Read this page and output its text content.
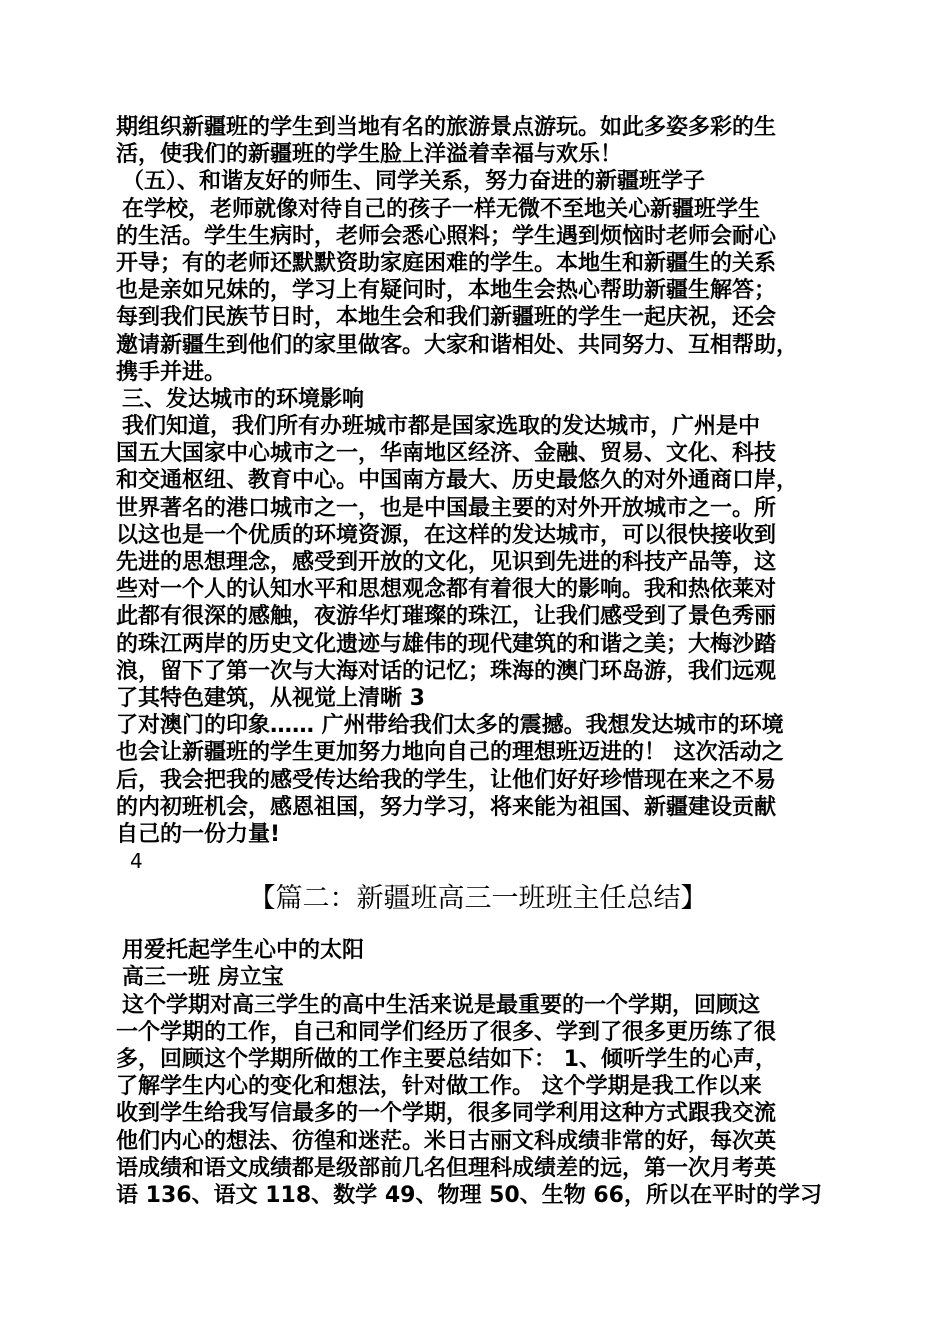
期组织新疆班的学生到当地有名的旅游景点游玩。如此多姿多彩的生
活，使我们的新疆班的学生脸上洋溢着幸福与欢乐！
（五）、和谐友好的师生、同学关系，努力奋进的新疆班学子
在学校，老师就像对待自己的孩子一样无微不至地关心新疆班学生
的生活。学生生病时，老师会悉心照料；学生遇到烦恼时老师会耐心
开导；有的老师还默默资助家庭困难的学生。本地生和新疆生的关系
也是亲如兄妹的，学习上有疑问时，本地生会热心帮助新疆生解答；
每到我们民族节日时，本地生会和我们新疆班的学生一起庆祝，还会
邀请新疆生到他们的家里做客。大家和谐相处、共同努力、互相帮助，
携手并进。
三、发达城市的环境影响
我们知道，我们所有办班城市都是国家选取的发达城市，广州是中
国五大国家中心城市之一，华南地区经济、金融、贸易、文化、科技
和交通枢纽、教育中心。中国南方最大、历史最悠久的对外通商口岸，
世界著名的港口城市之一，也是中国最主要的对外开放城市之一。所
以这也是一个优质的环境资源，在这样的发达城市，可以很快接收到
先进的思想理念，感受到开放的文化，见识到先进的科技产品等，这
些对一个人的认知水平和思想观念都有着很大的影响。我和热依莱对
此都有很深的感触，夜游华灯璀璨的珠江，让我们感受到了景色秀丽
的珠江两岸的历史文化遗迹与雄伟的现代建筑的和谐之美；大梅沙踏
浪，留下了第一次与大海对话的记忆；珠海的澳门环岛游，我们远观
了其特色建筑，从视觉上清晰 3
了对澳门的印象…… 广州带给我们太多的震撼。我想发达城市的环境
也会让新疆班的学生更加努力地向自己的理想班迈进的！ 这次活动之
后，我会把我的感受传达给我的学生，让他们好好珍惜现在来之不易
的内初班机会，感恩祖国，努力学习，将来能为祖国、新疆建设贡献
自己的一份力量!
4
【篇二：新疆班高三一班班主任总结】
用爱托起学生心中的太阳
高三一班 房立宝
这个学期对高三学生的高中生活来说是最重要的一个学期，回顾这
一个学期的工作，自己和同学们经历了很多、学到了很多更历练了很
多，回顾这个学期所做的工作主要总结如下： 1、倾听学生的心声，
了解学生内心的变化和想法，针对做工作。 这个学期是我工作以来
收到学生给我写信最多的一个学期，很多同学利用这种方式跟我交流
他们内心的想法、彷徨和迷茫。米日古丽文科成绩非常的好，每次英
语成绩和语文成绩都是级部前几名但理科成绩差的远，第一次月考英
语 136、语文 118、数学 49、物理 50、生物 66，所以在平时的学习
